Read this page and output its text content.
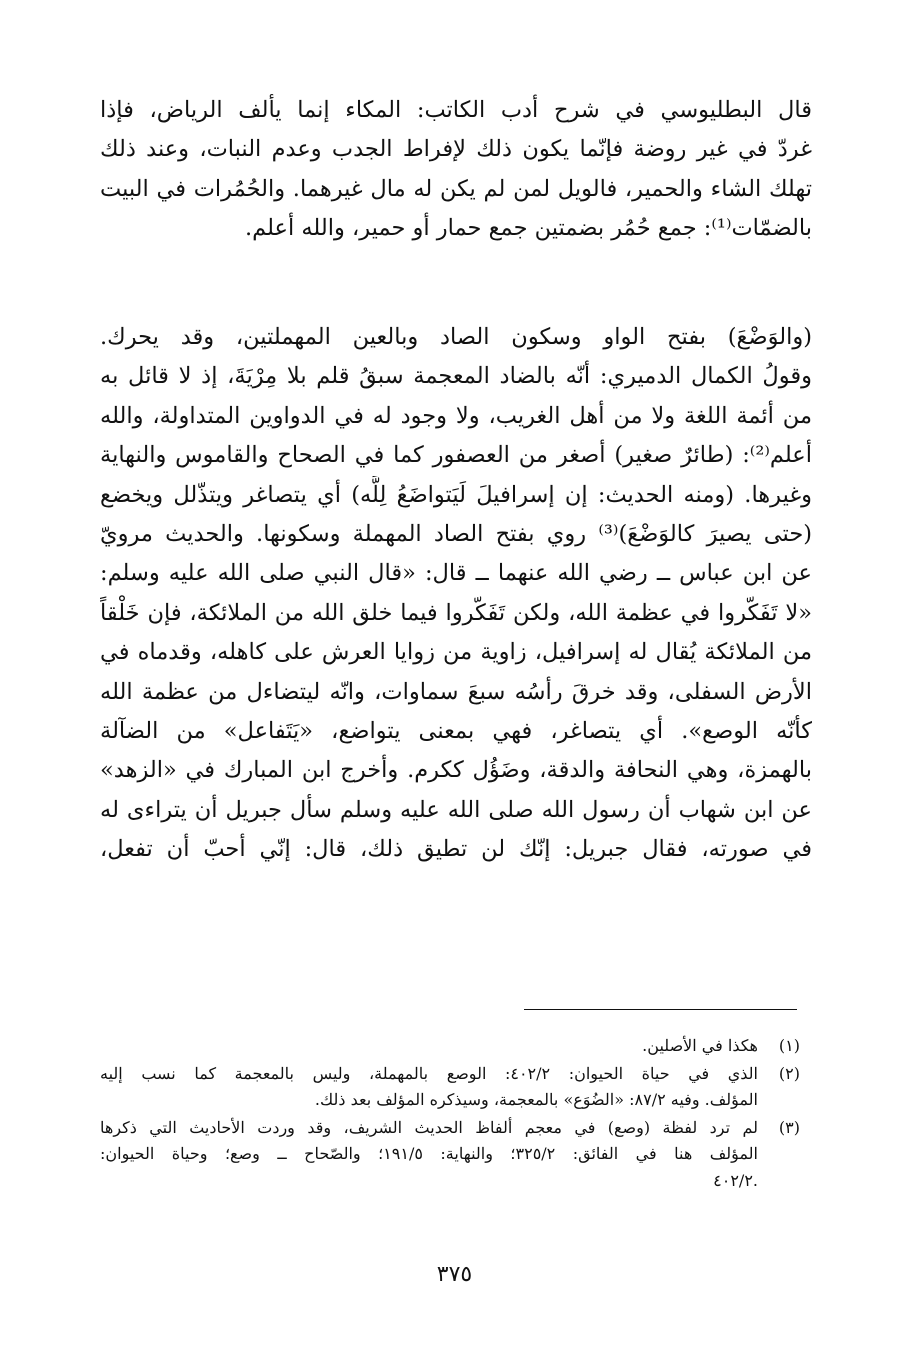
قال البطليوسي في شرح أدب الكاتب: المكاء إنما يألف الرياض، فإذا
غردّ في غير روضة فإنّما يكون ذلك لإفراط الجدب وعدم النبات، وعند ذلك
تهلك الشاء والحمير، فالويل لمن لم يكن له مال غيرهما. والحُمُرات في البيت
بالضمّات⁽¹⁾: جمع حُمُر بضمتين جمع حمار أو حمير، والله أعلم.
(والوَضْعَ) بفتح الواو وسكون الصاد وبالعين المهملتين، وقد يحرك.
وقولُ الكمال الدميري: أنّه بالضاد المعجمة سبقُ قلم بلا مِرْيَةَ، إذ لا قائل به
من أئمة اللغة ولا من أهل الغريب، ولا وجود له في الدواوين المتداولة، والله
أعلم⁽²⁾: (طائرٌ صغير) أصغر من العصفور كما في الصحاح والقاموس والنهاية
وغيرها. (ومنه الحديث: إن إسرافيلَ لَيَتواضَعُ لِلَّه) أي يتصاغر ويتذّلل ويخضع
(حتى يصيرَ كالوَضْعَ)⁽³⁾ روي بفتح الصاد المهملة وسكونها. والحديث مرويّ
عن ابن عباس ــ رضي الله عنهما ــ قال: «قال النبي صلى الله عليه وسلم:
«لا تَفَكّروا في عظمة الله، ولكن تَفَكّروا فيما خلق الله من الملائكة، فإن خَلْقاً
من الملائكة يُقال له إسرافيل، زاوية من زوايا العرش على كاهله، وقدماه في
الأرض السفلى، وقد خرقَ رأسُه سبعَ سماوات، وانّه ليتضاءل من عظمة الله
كأنّه الوصع». أي يتصاغر، فهي بمعنى يتواضع، «يَتَفاعل» من الضآلة
بالهمزة، وهي النحافة والدقة، وضَؤُل ككرم. وأخرج ابن المبارك في «الزهد»
عن ابن شهاب أن رسول الله صلى الله عليه وسلم سأل جبريل أن يتراءى له
في صورته، فقال جبريل: إنّك لن تطيق ذلك، قال: إنّي أحبّ أن تفعل،
(١)
هكذا في الأصلين.
(٢)
الذي في حياة الحيوان: ٤٠٢/٢: الوصع بالمهملة، وليس بالمعجمة كما نسب إليه
المؤلف. وفيه ٨٧/٢: «الضُوَع» بالمعجمة، وسيذكره المؤلف بعد ذلك.
(٣)
لم ترد لفظة (وصع) في معجم ألفاظ الحديث الشريف، وقد وردت الأحاديث التي ذكرها
المؤلف هنا في الفائق: ٣٢٥/٢؛ والنهاية: ١٩١/٥؛ والصّحاح ــ وصع؛ وحياة الحيوان:
.٤٠٢/٢
٣٧٥
